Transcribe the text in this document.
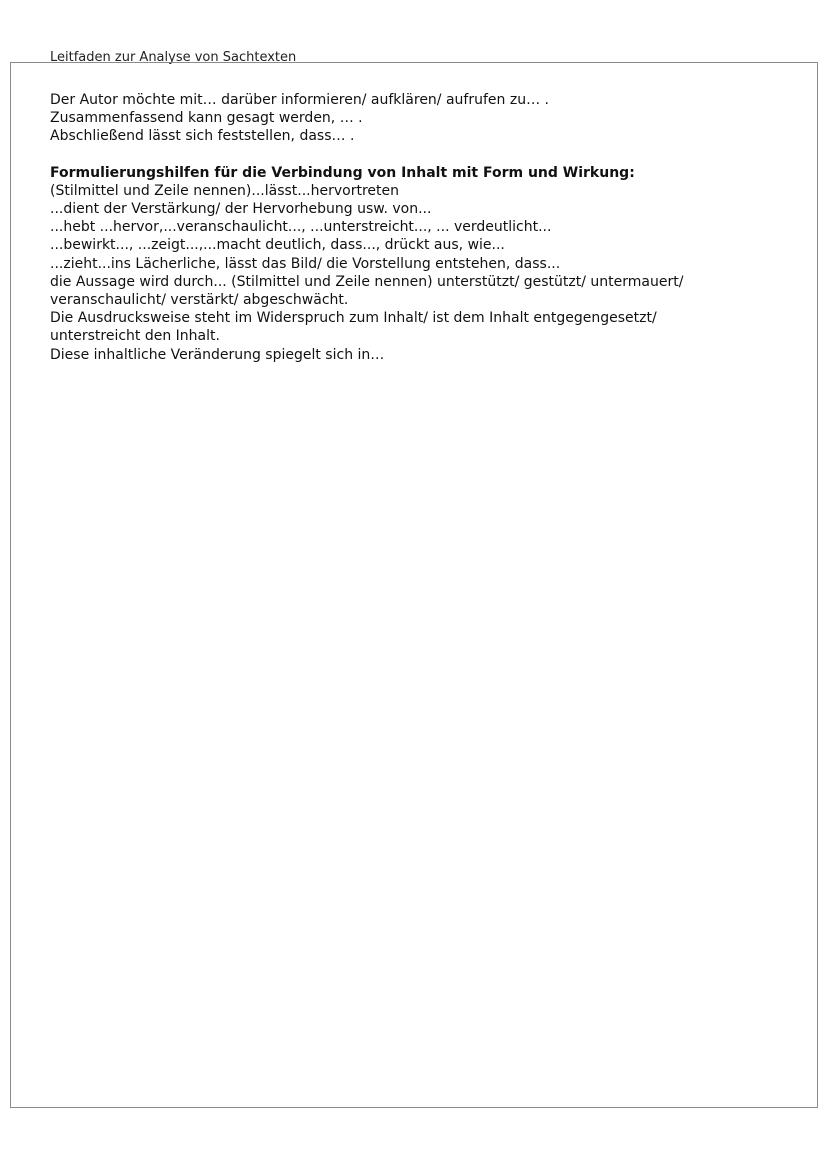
Leitfaden zur Analyse von Sachtexten
Der Autor möchte mit… darüber informieren/ aufklären/ aufrufen zu… .
Zusammenfassend kann gesagt werden, … .
Abschließend lässt sich feststellen, dass… .
Formulierungshilfen für die Verbindung von Inhalt mit Form und Wirkung:
(Stilmittel und Zeile nennen)...lässt...hervortreten
...dient der Verstärkung/ der Hervorhebung usw. von...
...hebt ...hervor,...veranschaulicht..., ...unterstreicht..., ... verdeutlicht...
...bewirkt..., ...zeigt...,...macht deutlich, dass..., drückt aus, wie...
...zieht...ins Lächerliche, lässt das Bild/ die Vorstellung entstehen, dass...
die Aussage wird durch... (Stilmittel und Zeile nennen) unterstützt/ gestützt/ untermauert/
veranschaulicht/ verstärkt/ abgeschwächt.
Die Ausdrucksweise steht im Widerspruch zum Inhalt/ ist dem Inhalt entgegengesetzt/
unterstreicht den Inhalt.
Diese inhaltliche Veränderung spiegelt sich in…
